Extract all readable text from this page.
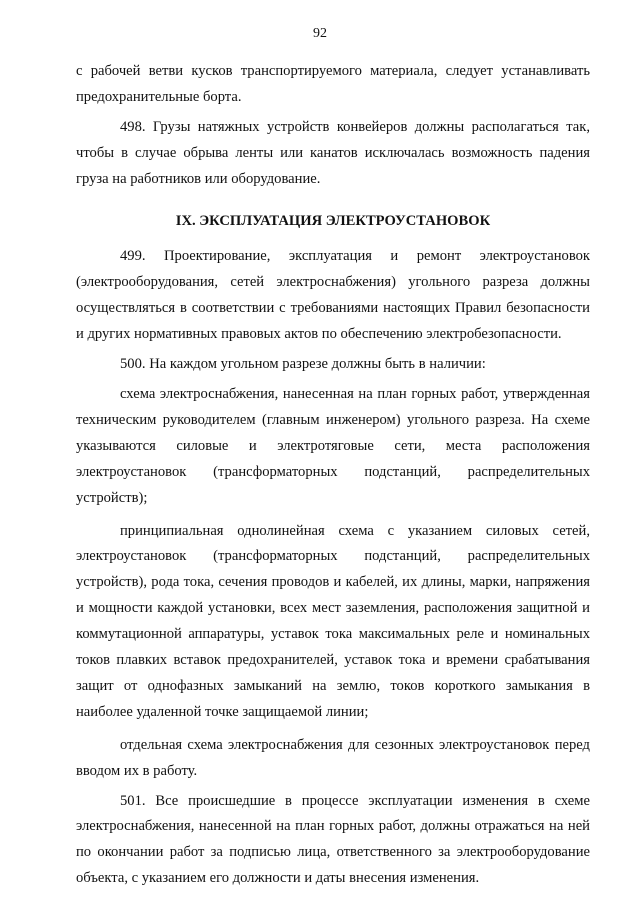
92

с рабочей ветви кусков транспортируемого материала, следует устанавливать предохранительные борта.

498. Грузы натяжных устройств конвейеров должны располагаться так, чтобы в случае обрыва ленты или канатов исключалась возможность падения груза на работников или оборудование.

IX. ЭКСПЛУАТАЦИЯ ЭЛЕКТРОУСТАНОВОК

499. Проектирование, эксплуатация и ремонт электроустановок (электрооборудования, сетей электроснабжения) угольного разреза должны осуществляться в соответствии с требованиями настоящих Правил безопасности и других нормативных правовых актов по обеспечению электробезопасности.

500. На каждом угольном разрезе должны быть в наличии:

схема электроснабжения, нанесенная на план горных работ, утвержденная техническим руководителем (главным инженером) угольного разреза. На схеме указываются силовые и электротяговые сети, места расположения электроустановок (трансформаторных подстанций, распределительных устройств);

принципиальная однолинейная схема с указанием силовых сетей, электроустановок (трансформаторных подстанций, распределительных устройств), рода тока, сечения проводов и кабелей, их длины, марки, напряжения и мощности каждой установки, всех мест заземления, расположения защитной и коммутационной аппаратуры, уставок тока максимальных реле и номинальных токов плавких вставок предохранителей, уставок тока и времени срабатывания защит от однофазных замыканий на землю, токов короткого замыкания в наиболее удаленной точке защищаемой линии;

отдельная схема электроснабжения для сезонных электроустановок перед вводом их в работу.

501. Все происшедшие в процессе эксплуатации изменения в схеме электроснабжения, нанесенной на план горных работ, должны отражаться на ней по окончании работ за подписью лица, ответственного за электрооборудование объекта, с указанием его должности и даты внесения изменения.
